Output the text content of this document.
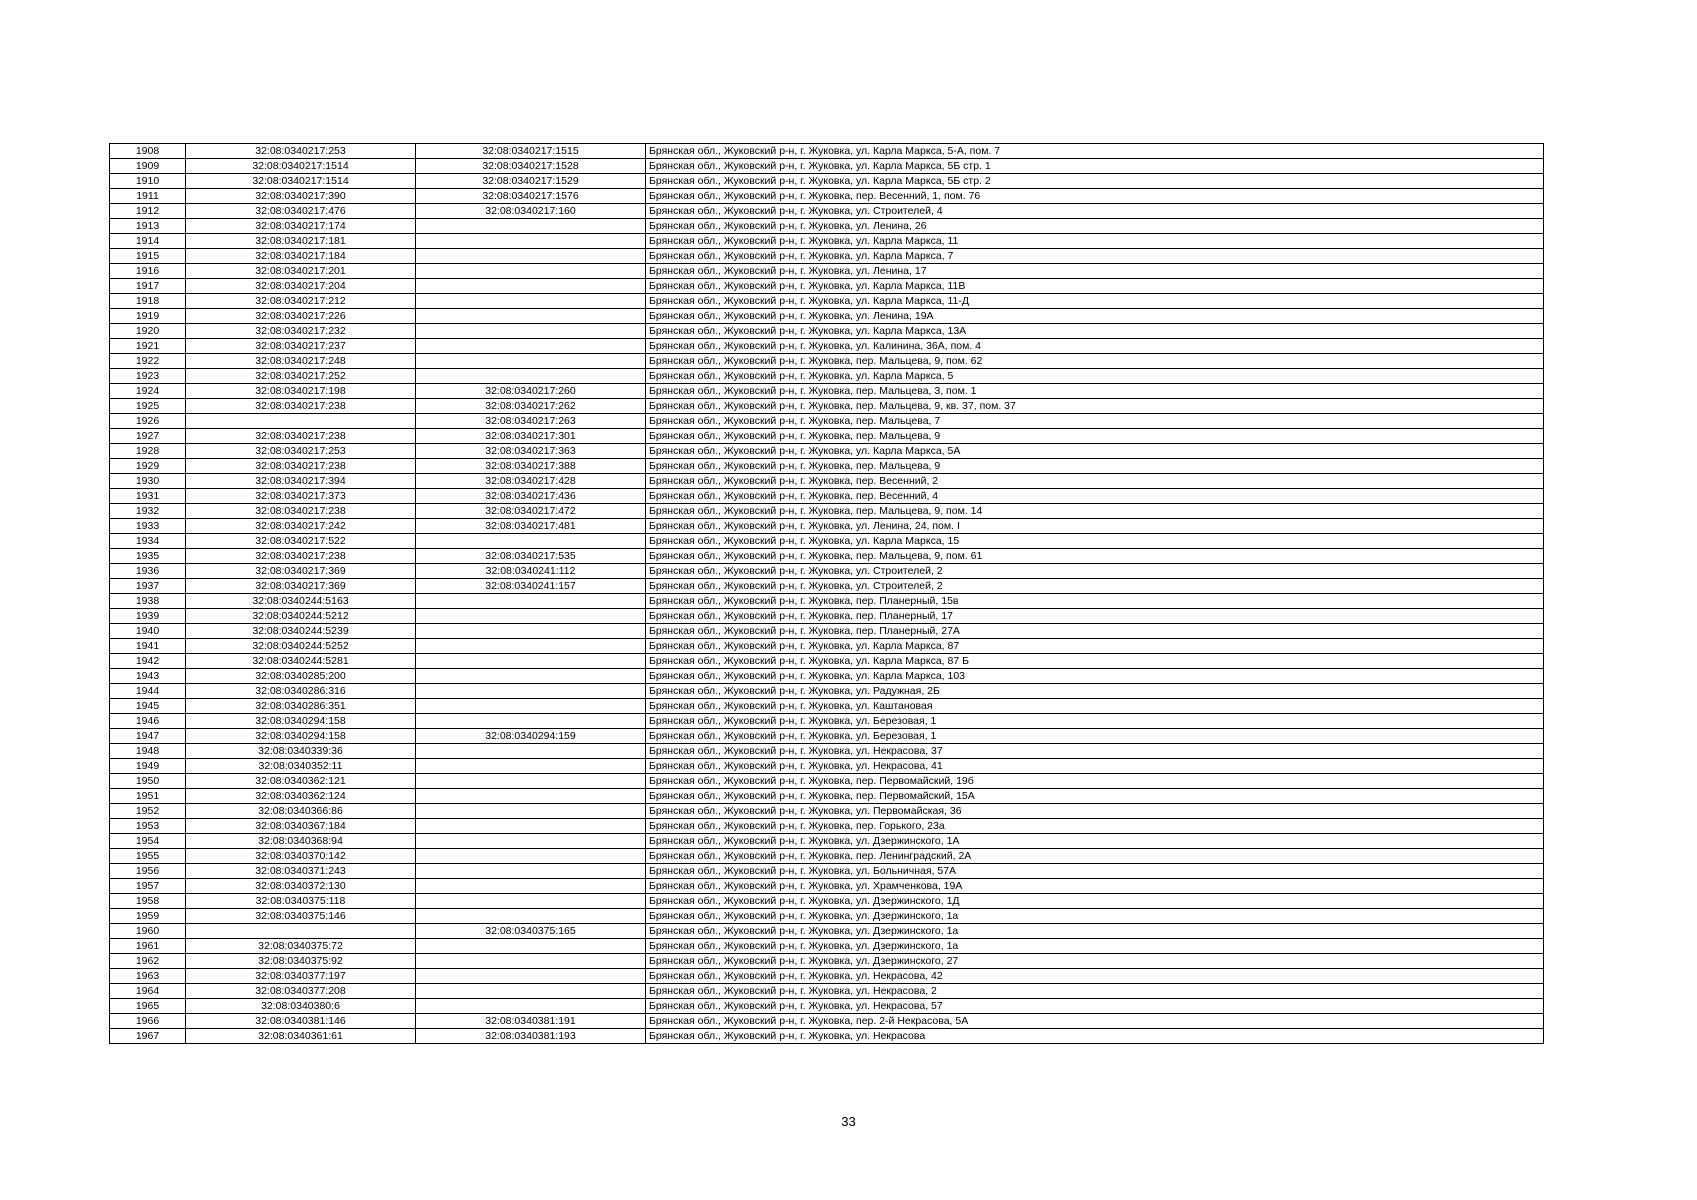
1908	32:08:0340217:253	32:08:0340217:1515	Брянская обл., Жуковский р-н, г. Жуковка, ул. Карла Маркса, 5-А, пом. 7
1909	32:08:0340217:1514	32:08:0340217:1528	Брянская обл., Жуковский р-н, г. Жуковка, ул. Карла Маркса, 5Б стр. 1
1910	32:08:0340217:1514	32:08:0340217:1529	Брянская обл., Жуковский р-н, г. Жуковка, ул. Карла Маркса, 5Б стр. 2
1911	32:08:0340217:390	32:08:0340217:1576	Брянская обл., Жуковский р-н, г. Жуковка, пер. Весенний, 1, пом. 76
1912	32:08:0340217:476	32:08:0340217:160	Брянская обл., Жуковский р-н, г. Жуковка, ул. Строителей, 4
1913	32:08:0340217:174		Брянская обл., Жуковский р-н, г. Жуковка, ул. Ленина, 26
1914	32:08:0340217:181		Брянская обл., Жуковский р-н, г. Жуковка, ул. Карла Маркса, 11
1915	32:08:0340217:184		Брянская обл., Жуковский р-н, г. Жуковка, ул. Карла Маркса, 7
1916	32:08:0340217:201		Брянская обл., Жуковский р-н, г. Жуковка, ул. Ленина, 17
1917	32:08:0340217:204		Брянская обл., Жуковский р-н, г. Жуковка, ул. Карла Маркса, 11В
1918	32:08:0340217:212		Брянская обл., Жуковский р-н, г. Жуковка, ул. Карла Маркса, 11-Д
1919	32:08:0340217:226		Брянская обл., Жуковский р-н, г. Жуковка, ул. Ленина, 19А
1920	32:08:0340217:232		Брянская обл., Жуковский р-н, г. Жуковка, ул. Карла Маркса, 13А
1921	32:08:0340217:237		Брянская обл., Жуковский р-н, г. Жуковка, ул. Калинина, 36А, пом. 4
1922	32:08:0340217:248		Брянская обл., Жуковский р-н, г. Жуковка, пер. Мальцева, 9, пом. 62
1923	32:08:0340217:252		Брянская обл., Жуковский р-н, г. Жуковка, ул. Карла Маркса, 5
1924	32:08:0340217:198	32:08:0340217:260	Брянская обл., Жуковский р-н, г. Жуковка, пер. Мальцева, 3, пом. 1
1925	32:08:0340217:238	32:08:0340217:262	Брянская обл., Жуковский р-н, г. Жуковка, пер. Мальцева, 9, кв. 37, пом. 37
1926		32:08:0340217:263	Брянская обл., Жуковский р-н, г. Жуковка, пер. Мальцева, 7
1927	32:08:0340217:238	32:08:0340217:301	Брянская обл., Жуковский р-н, г. Жуковка, пер. Мальцева, 9
1928	32:08:0340217:253	32:08:0340217:363	Брянская обл., Жуковский р-н, г. Жуковка, ул. Карла Маркса, 5А
1929	32:08:0340217:238	32:08:0340217:388	Брянская обл., Жуковский р-н, г. Жуковка, пер. Мальцева, 9
1930	32:08:0340217:394	32:08:0340217:428	Брянская обл., Жуковский р-н, г. Жуковка, пер. Весенний, 2
1931	32:08:0340217:373	32:08:0340217:436	Брянская обл., Жуковский р-н, г. Жуковка, пер. Весенний, 4
1932	32:08:0340217:238	32:08:0340217:472	Брянская обл., Жуковский р-н, г. Жуковка, пер. Мальцева, 9, пом. 14
1933	32:08:0340217:242	32:08:0340217:481	Брянская обл., Жуковский р-н, г. Жуковка, ул. Ленина, 24, пом. I
1934	32:08:0340217:522		Брянская обл., Жуковский р-н, г. Жуковка, ул. Карла Маркса, 15
1935	32:08:0340217:238	32:08:0340217:535	Брянская обл., Жуковский р-н, г. Жуковка, пер. Мальцева, 9, пом. 61
1936	32:08:0340217:369	32:08:0340241:112	Брянская обл., Жуковский р-н, г. Жуковка, ул. Строителей, 2
1937	32:08:0340217:369	32:08:0340241:157	Брянская обл., Жуковский р-н, г. Жуковка, ул. Строителей, 2
1938	32:08:0340244:5163		Брянская обл., Жуковский р-н, г. Жуковка, пер. Планерный, 15в
1939	32:08:0340244:5212		Брянская обл., Жуковский р-н, г. Жуковка, пер. Планерный, 17
1940	32:08:0340244:5239		Брянская обл., Жуковский р-н, г. Жуковка, пер. Планерный, 27А
1941	32:08:0340244:5252		Брянская обл., Жуковский р-н, г. Жуковка, ул. Карла Маркса, 87
1942	32:08:0340244:5281		Брянская обл., Жуковский р-н, г. Жуковка, ул. Карла Маркса, 87 Б
1943	32:08:0340285:200		Брянская обл., Жуковский р-н, г. Жуковка, ул. Карла Маркса, 103
1944	32:08:0340286:316		Брянская обл., Жуковский р-н, г. Жуковка, ул. Радужная, 2Б
1945	32:08:0340286:351		Брянская обл., Жуковский р-н, г. Жуковка, ул. Каштановая
1946	32:08:0340294:158		Брянская обл., Жуковский р-н, г. Жуковка, ул. Березовая, 1
1947	32:08:0340294:158	32:08:0340294:159	Брянская обл., Жуковский р-н, г. Жуковка, ул. Березовая, 1
1948	32:08:0340339:36		Брянская обл., Жуковский р-н, г. Жуковка, ул. Некрасова, 37
1949	32:08:0340352:11		Брянская обл., Жуковский р-н, г. Жуковка, ул. Некрасова, 41
1950	32:08:0340362:121		Брянская обл., Жуковский р-н, г. Жуковка, пер. Первомайский, 19б
1951	32:08:0340362:124		Брянская обл., Жуковский р-н, г. Жуковка, пер. Первомайский, 15А
1952	32:08:0340366:86		Брянская обл., Жуковский р-н, г. Жуковка, ул. Первомайская, 36
1953	32:08:0340367:184		Брянская обл., Жуковский р-н, г. Жуковка, пер. Горького, 23а
1954	32:08:0340368:94		Брянская обл., Жуковский р-н, г. Жуковка, ул. Дзержинского, 1А
1955	32:08:0340370:142		Брянская обл., Жуковский р-н, г. Жуковка, пер. Ленинградский, 2А
1956	32:08:0340371:243		Брянская обл., Жуковский р-н, г. Жуковка, ул. Больничная, 57А
1957	32:08:0340372:130		Брянская обл., Жуковский р-н, г. Жуковка, ул. Храмченкова, 19А
1958	32:08:0340375:118		Брянская обл., Жуковский р-н, г. Жуковка, ул. Дзержинского, 1Д
1959	32:08:0340375:146		Брянская обл., Жуковский р-н, г. Жуковка, ул. Дзержинского, 1а
1960		32:08:0340375:165	Брянская обл., Жуковский р-н, г. Жуковка, ул. Дзержинского, 1а
1961	32:08:0340375:72		Брянская обл., Жуковский р-н, г. Жуковка, ул. Дзержинского, 1а
1962	32:08:0340375:92		Брянская обл., Жуковский р-н, г. Жуковка, ул. Дзержинского, 27
1963	32:08:0340377:197		Брянская обл., Жуковский р-н, г. Жуковка, ул. Некрасова, 42
1964	32:08:0340377:208		Брянская обл., Жуковский р-н, г. Жуковка, ул. Некрасова, 2
1965	32:08:0340380:6		Брянская обл., Жуковский р-н, г. Жуковка, ул. Некрасова, 57
1966	32:08:0340381:146	32:08:0340381:191	Брянская обл., Жуковский р-н, г. Жуковка, пер. 2-й Некрасова, 5А
1967	32:08:0340361:61	32:08:0340381:193	Брянская обл., Жуковский р-н, г. Жуковка, ул. Некрасова
33
